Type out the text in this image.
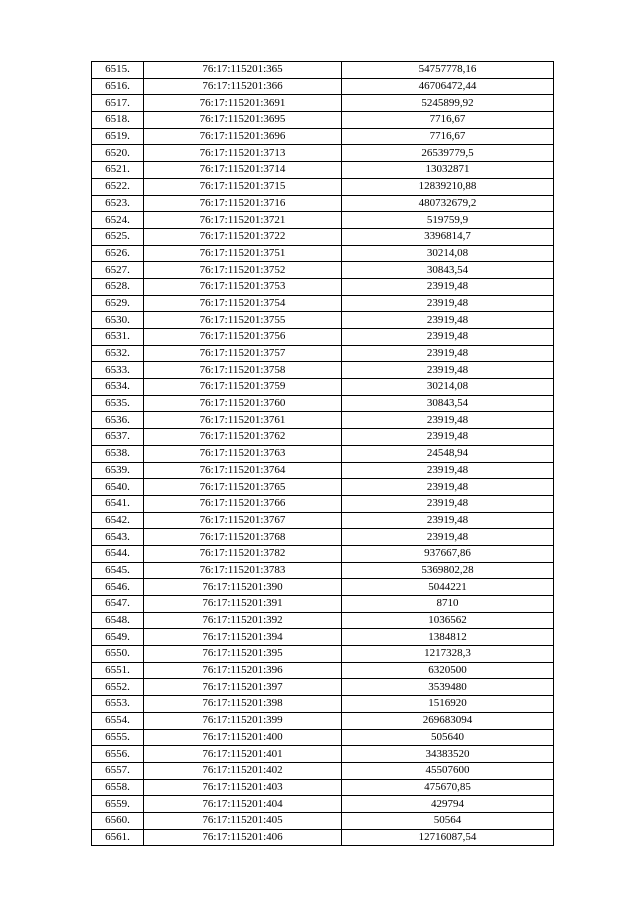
6515.	76:17:115201:365	54757778,16
6516.	76:17:115201:366	46706472,44
6517.	76:17:115201:3691	5245899,92
6518.	76:17:115201:3695	7716,67
6519.	76:17:115201:3696	7716,67
6520.	76:17:115201:3713	26539779,5
6521.	76:17:115201:3714	13032871
6522.	76:17:115201:3715	12839210,88
6523.	76:17:115201:3716	480732679,2
6524.	76:17:115201:3721	519759,9
6525.	76:17:115201:3722	3396814,7
6526.	76:17:115201:3751	30214,08
6527.	76:17:115201:3752	30843,54
6528.	76:17:115201:3753	23919,48
6529.	76:17:115201:3754	23919,48
6530.	76:17:115201:3755	23919,48
6531.	76:17:115201:3756	23919,48
6532.	76:17:115201:3757	23919,48
6533.	76:17:115201:3758	23919,48
6534.	76:17:115201:3759	30214,08
6535.	76:17:115201:3760	30843,54
6536.	76:17:115201:3761	23919,48
6537.	76:17:115201:3762	23919,48
6538.	76:17:115201:3763	24548,94
6539.	76:17:115201:3764	23919,48
6540.	76:17:115201:3765	23919,48
6541.	76:17:115201:3766	23919,48
6542.	76:17:115201:3767	23919,48
6543.	76:17:115201:3768	23919,48
6544.	76:17:115201:3782	937667,86
6545.	76:17:115201:3783	5369802,28
6546.	76:17:115201:390	5044221
6547.	76:17:115201:391	8710
6548.	76:17:115201:392	1036562
6549.	76:17:115201:394	1384812
6550.	76:17:115201:395	1217328,3
6551.	76:17:115201:396	6320500
6552.	76:17:115201:397	3539480
6553.	76:17:115201:398	1516920
6554.	76:17:115201:399	269683094
6555.	76:17:115201:400	505640
6556.	76:17:115201:401	34383520
6557.	76:17:115201:402	45507600
6558.	76:17:115201:403	475670,85
6559.	76:17:115201:404	429794
6560.	76:17:115201:405	50564
6561.	76:17:115201:406	12716087,54
